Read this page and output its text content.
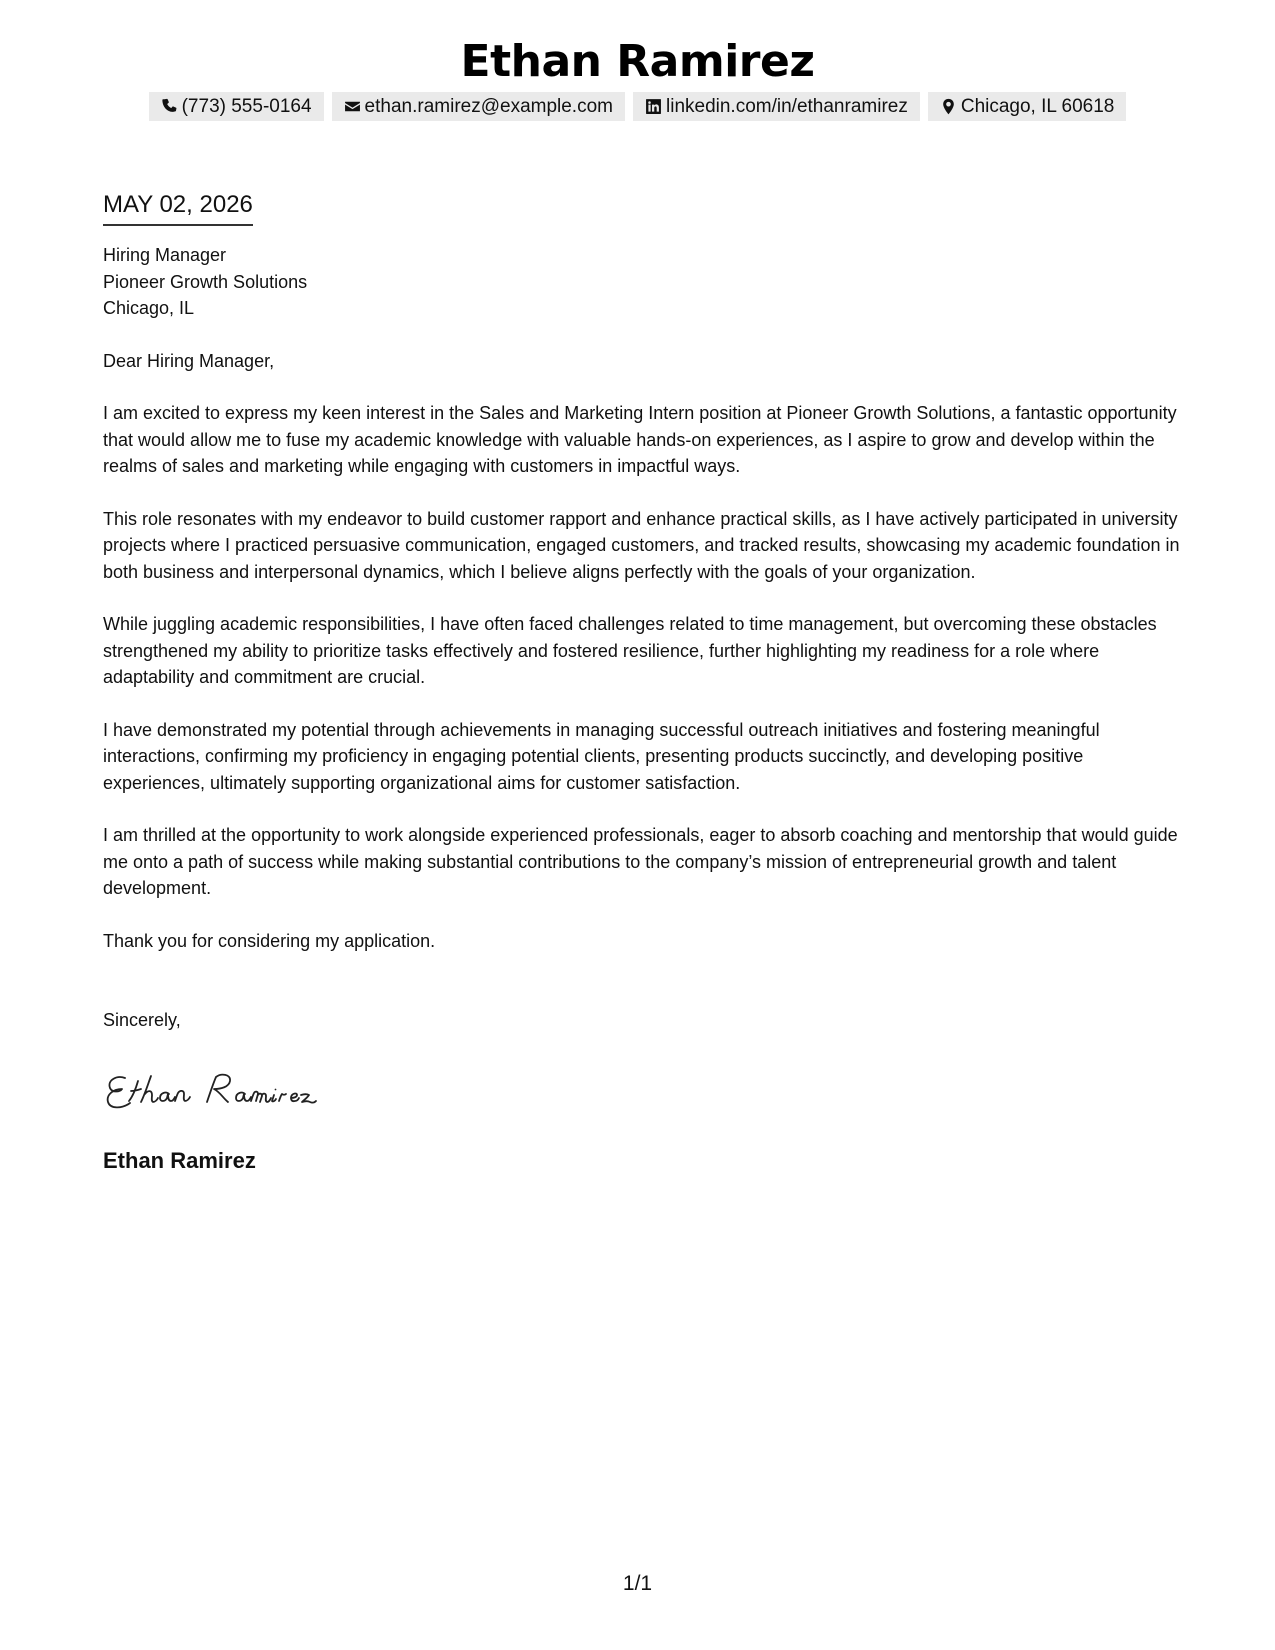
Ethan Ramirez
(773) 555-0164	ethan.ramirez@example.com	linkedin.com/in/ethanramirez	Chicago, IL 60618
MAY 02, 2026
Hiring Manager
Pioneer Growth Solutions
Chicago, IL
Dear Hiring Manager,

I am excited to express my keen interest in the Sales and Marketing Intern position at Pioneer Growth Solutions, a fantastic opportunity that would allow me to fuse my academic knowledge with valuable hands-on experiences, as I aspire to grow and develop within the realms of sales and marketing while engaging with customers in impactful ways.

This role resonates with my endeavor to build customer rapport and enhance practical skills, as I have actively participated in university projects where I practiced persuasive communication, engaged customers, and tracked results, showcasing my academic foundation in both business and interpersonal dynamics, which I believe aligns perfectly with the goals of your organization.

While juggling academic responsibilities, I have often faced challenges related to time management, but overcoming these obstacles strengthened my ability to prioritize tasks effectively and fostered resilience, further highlighting my readiness for a role where adaptability and commitment are crucial.

I have demonstrated my potential through achievements in managing successful outreach initiatives and fostering meaningful interactions, confirming my proficiency in engaging potential clients, presenting products succinctly, and developing positive experiences, ultimately supporting organizational aims for customer satisfaction.

I am thrilled at the opportunity to work alongside experienced professionals, eager to absorb coaching and mentorship that would guide me onto a path of success while making substantial contributions to the company’s mission of entrepreneurial growth and talent development.

Thank you for considering my application.

Sincerely,
Ethan Ramirez
1/1
